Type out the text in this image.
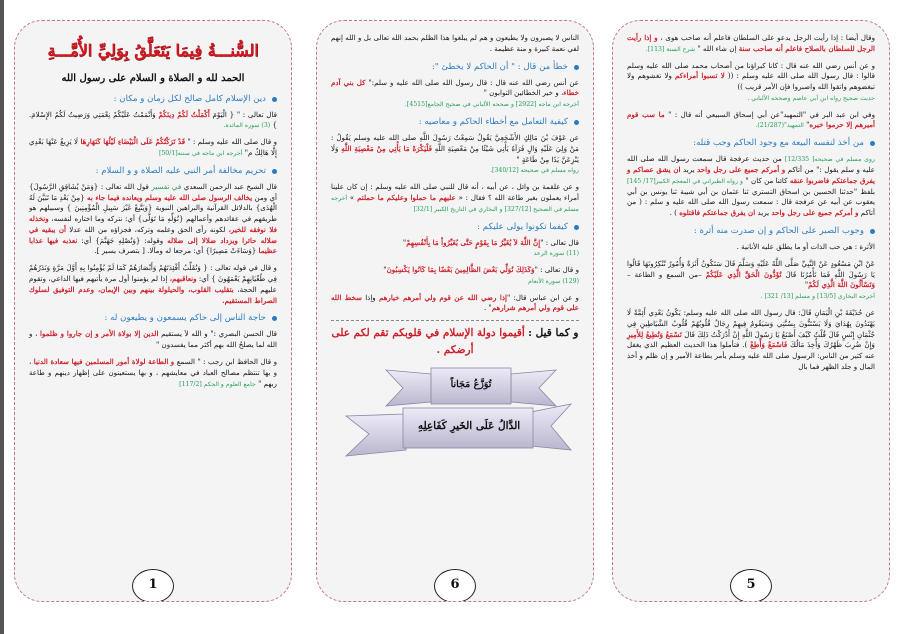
السُّنـــةُ فِيمَا يَتَعَلَّقُ بِوَلِيِّ الأُمَّـــةِ
الحمد لله و الصلاة و السلام على رسول الله
دين الإسلام كامل صالح لكل زمان و مكان :

قال تعالى : " { الْيَوْمَ أَكْمَلْتُ لَكُمْ دِينَكُمْ وَأَتْمَمْتُ عَلَيْكُمْ نِعْمَتِي وَرَضِيتُ لَكُمُ الإِسْلامَ. } (3) سورة المائدة.

و قال صلى الله عليه وسلم : " قَدْ تَرَكْتُكُمْ عَلَى الْبَيْضَاءِ لَيْلُهَا كَنَهَارِهَا لَا يَزِيغُ عَنْهَا بَعْدِي إِلَّا هَالِكٌ م" أخرجه ابن ماجه في سننه[50/1]

تحريم مخالفة أمر النبي عليه الصلاة و و السلام :

قال الشيخ عبد الرحمن السعدي في تفسير قول الله تعالى : {وَمَنْ يُشَاقِقِ الرَّسُولَ} أي ومن يخالف الرسول صلى الله عليه وسلم ويعانده فيما جاء به {مِنْ بَعْدِ مَا تَبَيَّنَ لَهُ الْهُدَى} بالدلائل القرآنية والبراهين النبوية {وَيَتَّبِعْ غَيْرَ سَبِيلِ الْمُؤْمِنِينَ } وسبيلهم هو طريقهم في عقائدهم وأعمالهم {نُوَلِّهِ مَا تَوَلَّى} أي: نتركه وما اختاره لنفسه، ونخذله فلا نوفقه للخير، لكونه رأى الحق وعلمه وتركه، فجزاؤه من الله عدلا أن يبقيه في ضلاله حائرا ويزداد ضلالا إلى ضلاله وقوله: {وَنُصْلِهِ جَهَنَّمَ} أي: نعذبه فيها عذابا عظيما {وَسَاءَتْ مَصِيرًا} أي: مرجعا له ومآلا. [ بتصرف يسير ].

و قال في قوله تعالى : { وَنُقَلِّبُ أَفْئِدَتَهُمْ وَأَبْصَارَهُمْ كَمَا لَمْ يُؤْمِنُوا بِهِ أَوَّلَ مَرَّةٍ وَنَذَرُهُمْ فِي طُغْيَانِهِمْ يَعْمَهُونَ } أي: ونعاقبهم، إذا لم يؤمنوا أول مرة يأتيهم فيها الداعي، وتقوم عليهم الحجة، بتقليب القلوب، والحيلولة بينهم وبين الإيمان، وعدم التوفيق لسلوك الصراط المستقيم.

حاجة الناس إلى حاكم يسمعون و يطيعون له :

قال الحسن البصري :" و الله لاَ يستقيم الدين إلا بولاة الأمر و إن جاروا و ظلموا ، و الله لما يصلحُ الله بهم أكثر مما يفسدون "

و قال الحافظ ابن رجب : " السمع و الطاعة لولاة أمور المسلمين فيها سعادة الدنيا ، و بها تنتظم مصالح العباد في معايشهم ، و بها يستعينون على إظهار دينهم و طاعة ربهم " جامع العلوم و الحكم [117/2]

1

الناس لا يصبرون ولا يطيعون و هم لم يبلغوا هذا الظلم بحمد الله تعالى بل و الله إنهم لفي نعمة كبيرة و منة عظيمة .

خطأ من قال : " أن الحاكم لا يخطئ ":

عن أنس رضي الله عنه قال : قال رسول الله صلى الله عليه و سلم:" كل بني آدم خطاء، و خير الخطائين التوابون "
أخرجه ابن ماجه [2922] و صححه الألباني في صحيح الجامع[4515].

كيفية التعامل مع أخطاء الحاكم و معاصيه :

عن عَوْفَ بْنَ مَالِكٍ الأَشْجَعِيَّ يَقُولُ سَمِعْتُ رَسُولَ اللَّهِ صلى الله عليه وسلم يَقُولُ : مَنْ وَلِيَ عَلَيْهِ وَالٍ فَرَآهُ يَأْتِي شَيْئًا مِنْ مَعْصِيَةِ اللَّهِ فَلْيَكْرَهْ مَا يَأْتِي مِنْ مَعْصِيَةِ اللَّهِ وَلَا يَنْزِعَنَّ يَدًا مِنْ طَاعَةٍ "
رواه مسلم في صحيحه [340/12].

و عن علقمة بن وائل ، عن أبيه ، أنه قال للنبي صلى الله عليه وسلم : إن كان علينا أمراء يعملون بغير طاعة الله ؟ فقال : « عليهم ما حملوا وعليكم ما حملتم » أخرجه مسلم في الصحيح [327/12] و البخاري في التاريخ الكبير [32/1]

كيفما تكونوا يولى عليكم :

قال تعالى : "إِنَّ اللَّهَ لاَ يُغَيِّرُ مَا بِقَوْمٍ حَتَّى يُغَيِّرُواْ مَا بِأَنْفُسِهِمْ"
(11) سورة الرعد

و قال تعالى : "وَكَذَلِكَ نُوَلِّي بَعْضَ الظَّالِمِينَ بَعْضًا بِمَا كَانُوا يَكْسِبُونَ"
(129) سورة الأنعام

و عن ابن عباس قال: "إذا رضي الله عن قوم ولي أمرهم خيارهم وإذا سخط الله على قوم ولي أمرهم شرارهم" .

و كما قيل : أقيموا دولة الإسلام في قلوبكم تقم لكم على أرضكم .
تُوَزَّعُ مَجَاناً
الدَّالُ عَلَى الخَيرِ كَفَاعِلِهِ
6

وقال أيضا : إذا رأيت الرجل يدعو على السلطان فاعلم أنه صاحب هوى ، و إذا رأيت الرجل للسلطان بالصلاح فاعلم أنه صاحب سنة إن شاء الله " شرح السنة [113].

و عن أنس رضي الله عنه قال : كانا كبراؤنا من أصحاب محمد صلى الله عليه وسلم قالوا : قال رسول الله صلى الله عليه وسلم : (( لا تسبوا أمراءكم ولا تغشوهم ولا تبغضوهم واتقوا الله واصبروا فإن الأمر قريب ))
حديث صحيح رواه ابن أبي عاصم وصححه الألباني .

وفي ابن عبد البر في "التمهيد"عن أبي إسحاق السبيعي أنه قال : " ما سب قوم أميرهم إلا حرموا خيره" التمهيد"(21/287).

من أخذ لنفسه البيعة مع وجود الحاكم وجب قتله:

روى مسلم في صحيحه[ 12/335] من حديث عرفجة قال سمعت رسول الله صلى الله عليه و سلم يقول :" من أتاكم و أمركم جميع على رجل واحد يريد ان يشق عصاكم و يفرق جماعتكم فاضربوا عنقه كائنا من كان " و رواه الطبراني في المعجم الكبير[17/ 145] بلفظ "حدثنا الحسين بن اسحاق التستري ثنا عثمان بن أبي شيبة ثنا يونس بن أبي يعقوب عن أبيه عن عرفجة قال : سمعت رسول الله صلى الله عليه و سلم : ( من أتاكم و أمركم جميع على رجل واحد يريد ان يفرق جماعتكم فاقتلوه ) .

وجوب الصبر على الحاكم و إن صدرت منه أثرة :

الأثرة : هي حب الذات أو ما يطلق عليه الأنانية .

عَنْ ابْنِ مَسْعُودٍ عَنْ النَّبِيِّ صَلَّى اللَّهُ عَلَيْهِ وَسَلَّمَ قَالَ سَتَكُونُ أَثَرَةٌ وَأُمُورٌ تُنْكِرُونَهَا قَالُوا يَا رَسُولَ اللَّهِ فَمَا تَأْمُرُنَا قَالَ تُؤَدُّونَ الْحَقَّ الَّذِي عَلَيْكُمْ –من السمع و الطاعة – وَتَسْأَلُونَ اللَّهَ الَّذِي لَكُمْ"
أخرجه البخاري [13/5] و مسلم [13/ 321] .

عن حُذَيْفَةَ بْنِ الْيَمَانِ قَالَ: قال رسول الله صلى الله عليه وسلم: يَكُونُ بَعْدِي أَئِمَّةٌ لَا يَهْتَدُونَ بِهُدَايَ وَلَا يَسْتَنُّونَ بِسُنَّتِي وَسَيَقُومُ فِيهِمْ رِجَالٌ قُلُوبُهُمْ قُلُوبُ الشَّيَاطِينِ فِي جُثْمَانِ إِنْسٍ قَالَ قُلْتُ كَيْفَ أَصْنَعُ يَا رَسُولَ اللَّهِ إِنْ أَدْرَكْتُ ذَلِكَ قَالَ تَسْمَعُ وَتُطِيعُ لِلأَمِيرِ وَإِنْ ضُرِبَ ظَهْرُكَ وَأُخِذَ مَالُكَ فَاسْمَعْ وَأَطِعْ ). فتأملوا هذا الحديث العظيم الذي يغفل عنه كثير من الناس: الرسول صلى الله عليه وسلم يأمر بطاعة الأمير و إن ظلم و أخذ المال و جلد الظهر فما بال

5
